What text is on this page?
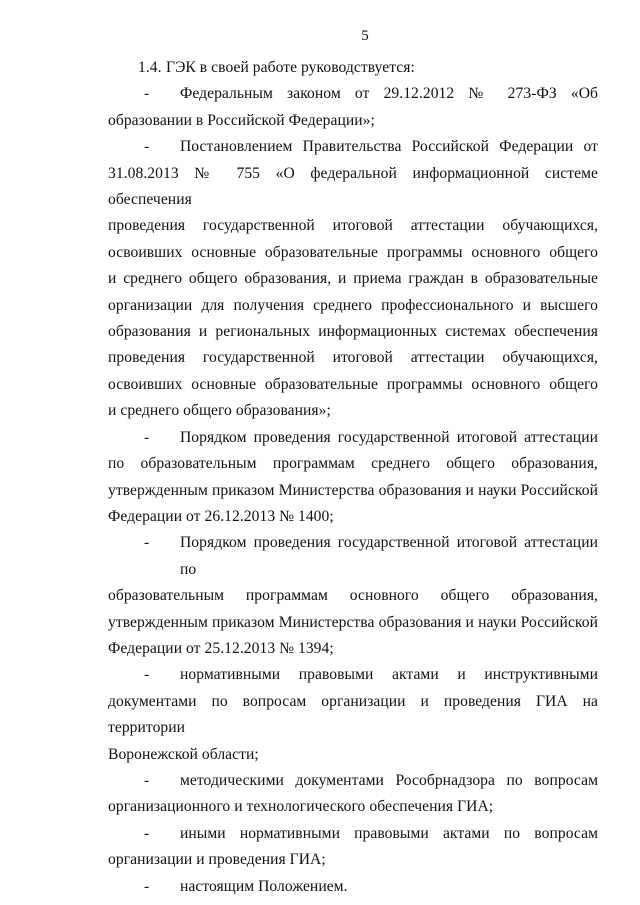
5

1.4. ГЭК в своей работе руководствуется:

- Федеральным законом от 29.12.2012 № 273-ФЗ «Об
образовании в Российской Федерации»;
- Постановлением Правительства Российской Федерации от
31.08.2013 № 755 «О федеральной информационной системе обеспечения
проведения государственной итоговой аттестации обучающихся,
освоивших основные образовательные программы основного общего
и среднего общего образования, и приема граждан в образовательные
организации для получения среднего профессионального и высшего
образования и региональных информационных системах обеспечения
проведения государственной итоговой аттестации обучающихся,
освоивших основные образовательные программы основного общего
и среднего общего образования»;
- Порядком проведения государственной итоговой аттестации
по образовательным программам среднего общего образования,
утвержденным приказом Министерства образования и науки Российской
Федерации от 26.12.2013 № 1400;
- Порядком проведения государственной итоговой аттестации по
образовательным программам основного общего образования,
утвержденным приказом Министерства образования и науки Российской
Федерации от 25.12.2013 № 1394;
- нормативными правовыми актами и инструктивными
документами по вопросам организации и проведения ГИА на территории
Воронежской области;
- методическими документами Рособрнадзора по вопросам
организационного и технологического обеспечения ГИА;
- иными нормативными правовыми актами по вопросам
организации и проведения ГИА;
- настоящим Положением.
